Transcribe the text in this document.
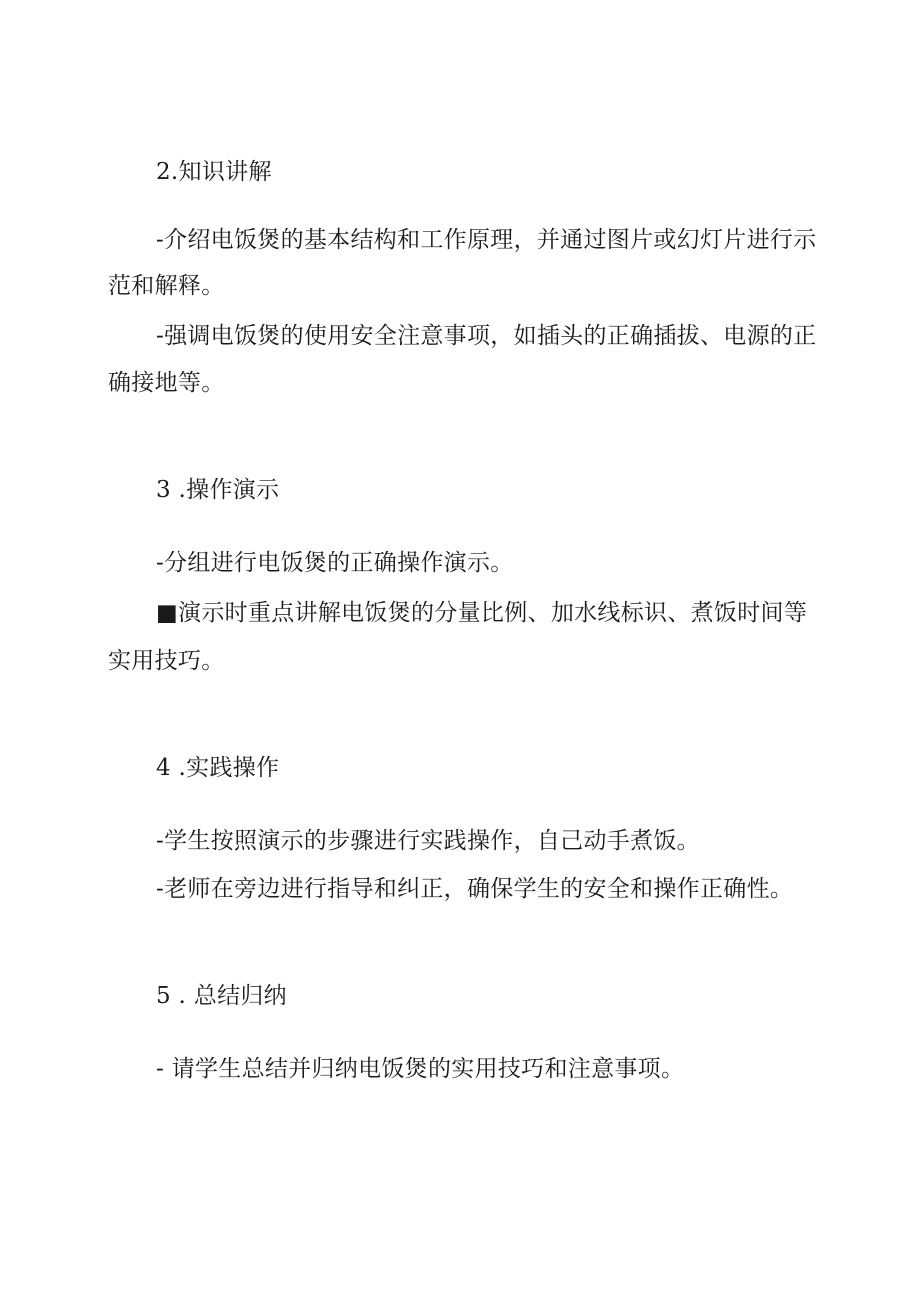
2.知识讲解
-介绍电饭煲的基本结构和工作原理，并通过图片或幻灯片进行示
范和解释。
-强调电饭煲的使用安全注意事项，如插头的正确插拔、电源的正
确接地等。
3 .操作演示
-分组进行电饭煲的正确操作演示。
■演示时重点讲解电饭煲的分量比例、加水线标识、煮饭时间等
实用技巧。
4 .实践操作
-学生按照演示的步骤进行实践操作，自己动手煮饭。
-老师在旁边进行指导和纠正，确保学生的安全和操作正确性。
5 . 总结归纳
- 请学生总结并归纳电饭煲的实用技巧和注意事项。
